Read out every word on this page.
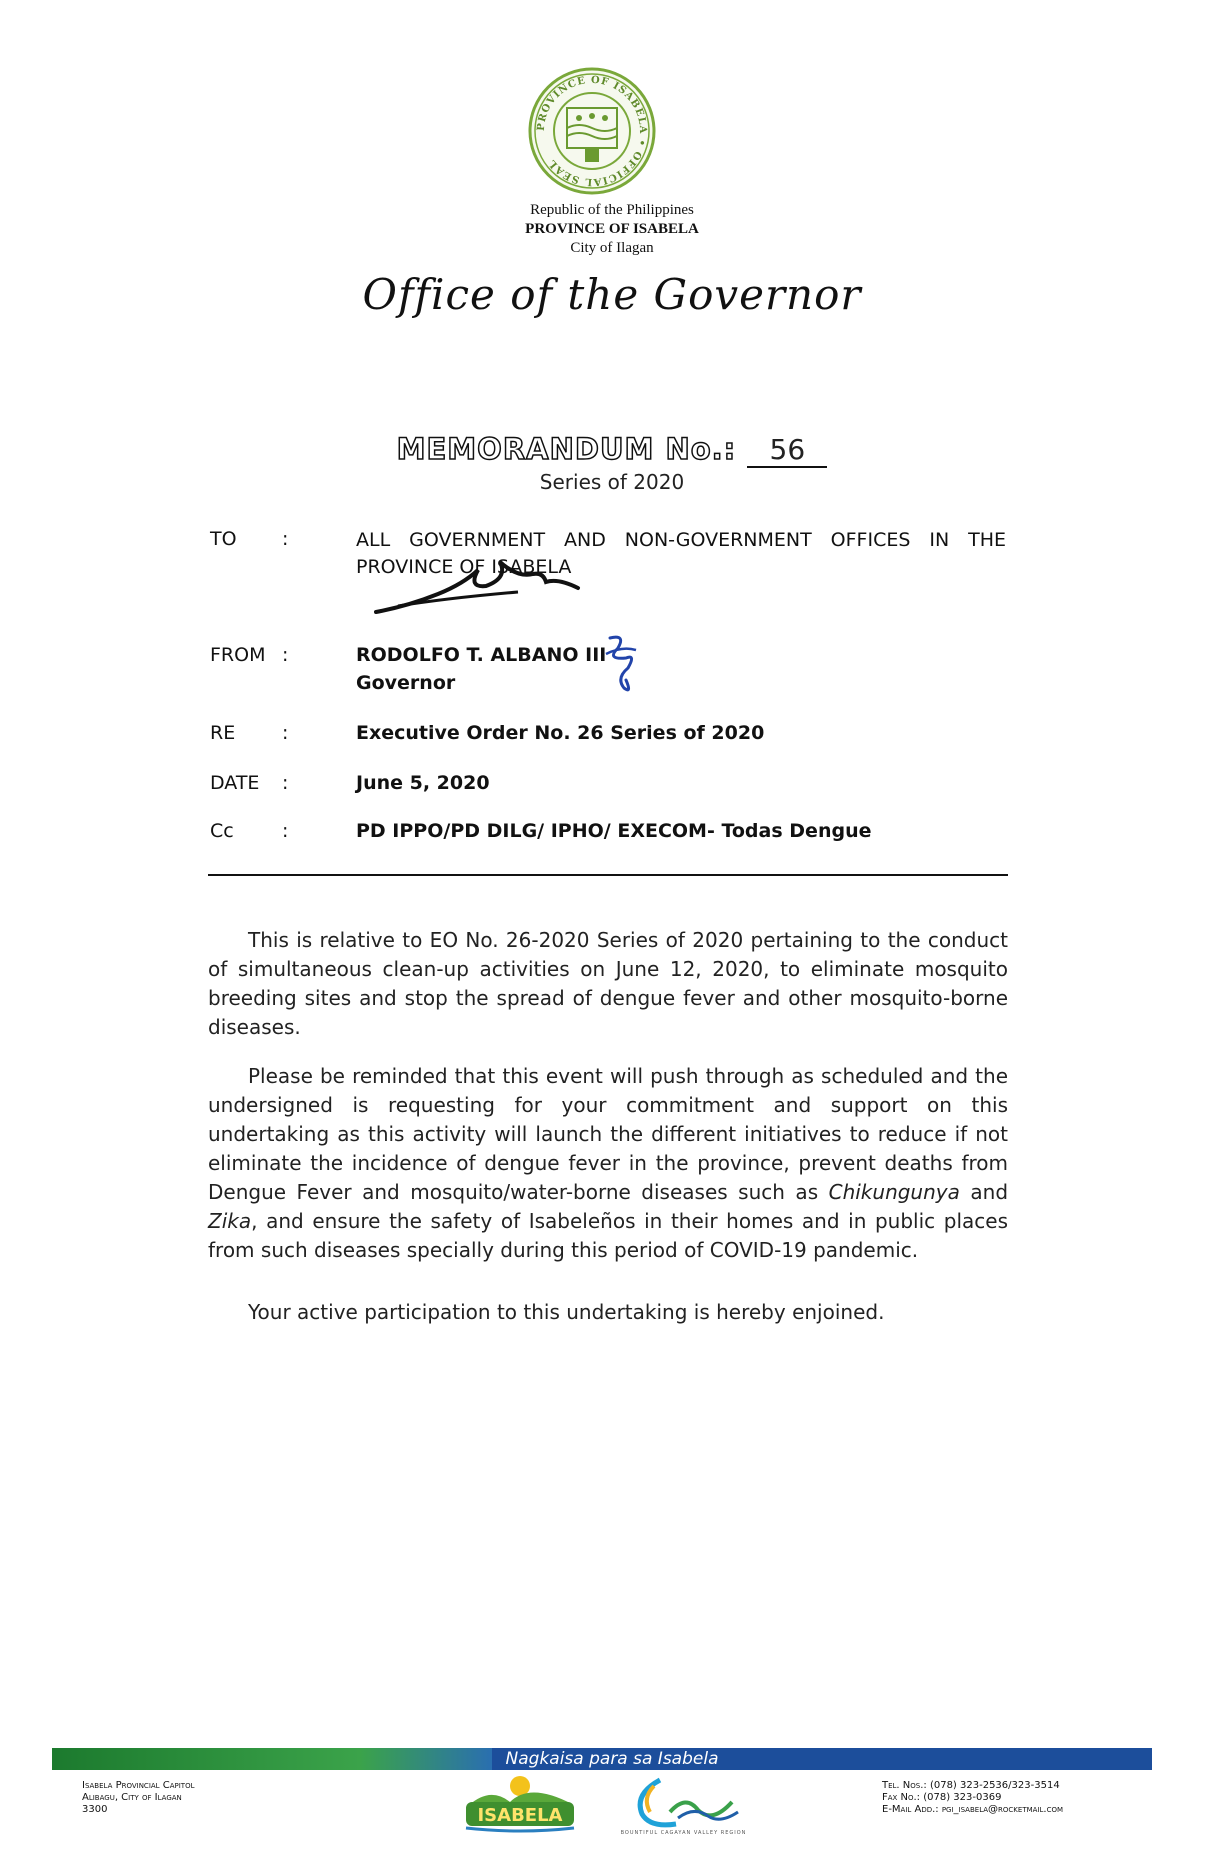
PROVINCE OF ISABELA • OFFICIAL SEAL
Republic of the Philippines
PROVINCE OF ISABELA
City of Ilagan
Office of the Governor
MEMORANDUM No.: 56
Series of 2020
TO :	ALL GOVERNMENT AND NON-GOVERNMENT OFFICES IN THE
PROVINCE OF ISABELA
FROM :	RODOLFO T. ALBANO III
Governor
RE :	Executive Order No. 26 Series of 2020
DATE :	June 5, 2020
Cc	:	PD IPPO/PD DILG/ IPHO/ EXECOM- Todas Dengue
This is relative to EO No. 26-2020 Series of 2020 pertaining to the conduct of simultaneous clean-up activities on June 12, 2020, to eliminate mosquito breeding sites and stop the spread of dengue fever and other mosquito-borne diseases.
Please be reminded that this event will push through as scheduled and the undersigned is requesting for your commitment and support on this undertaking as this activity will launch the different initiatives to reduce if not eliminate the incidence of dengue fever in the province, prevent deaths from Dengue Fever and mosquito/water-borne diseases such as Chikungunya and Zika, and ensure the safety of Isabeleños in their homes and in public places from such diseases specially during this period of COVID-19 pandemic.
Your active participation to this undertaking is hereby enjoined.
Nagkaisa para sa Isabela
Isabela Provincial Capitol
Alibagu, City of Ilagan
3300	ISABELA
BOUNTIFUL CAGAYAN VALLEY REGION
Tel. Nos.: (078) 323-2536/323-3514
Fax No.: (078) 323-0369
E-Mail Add.: pgi_isabela@rocketmail.com
